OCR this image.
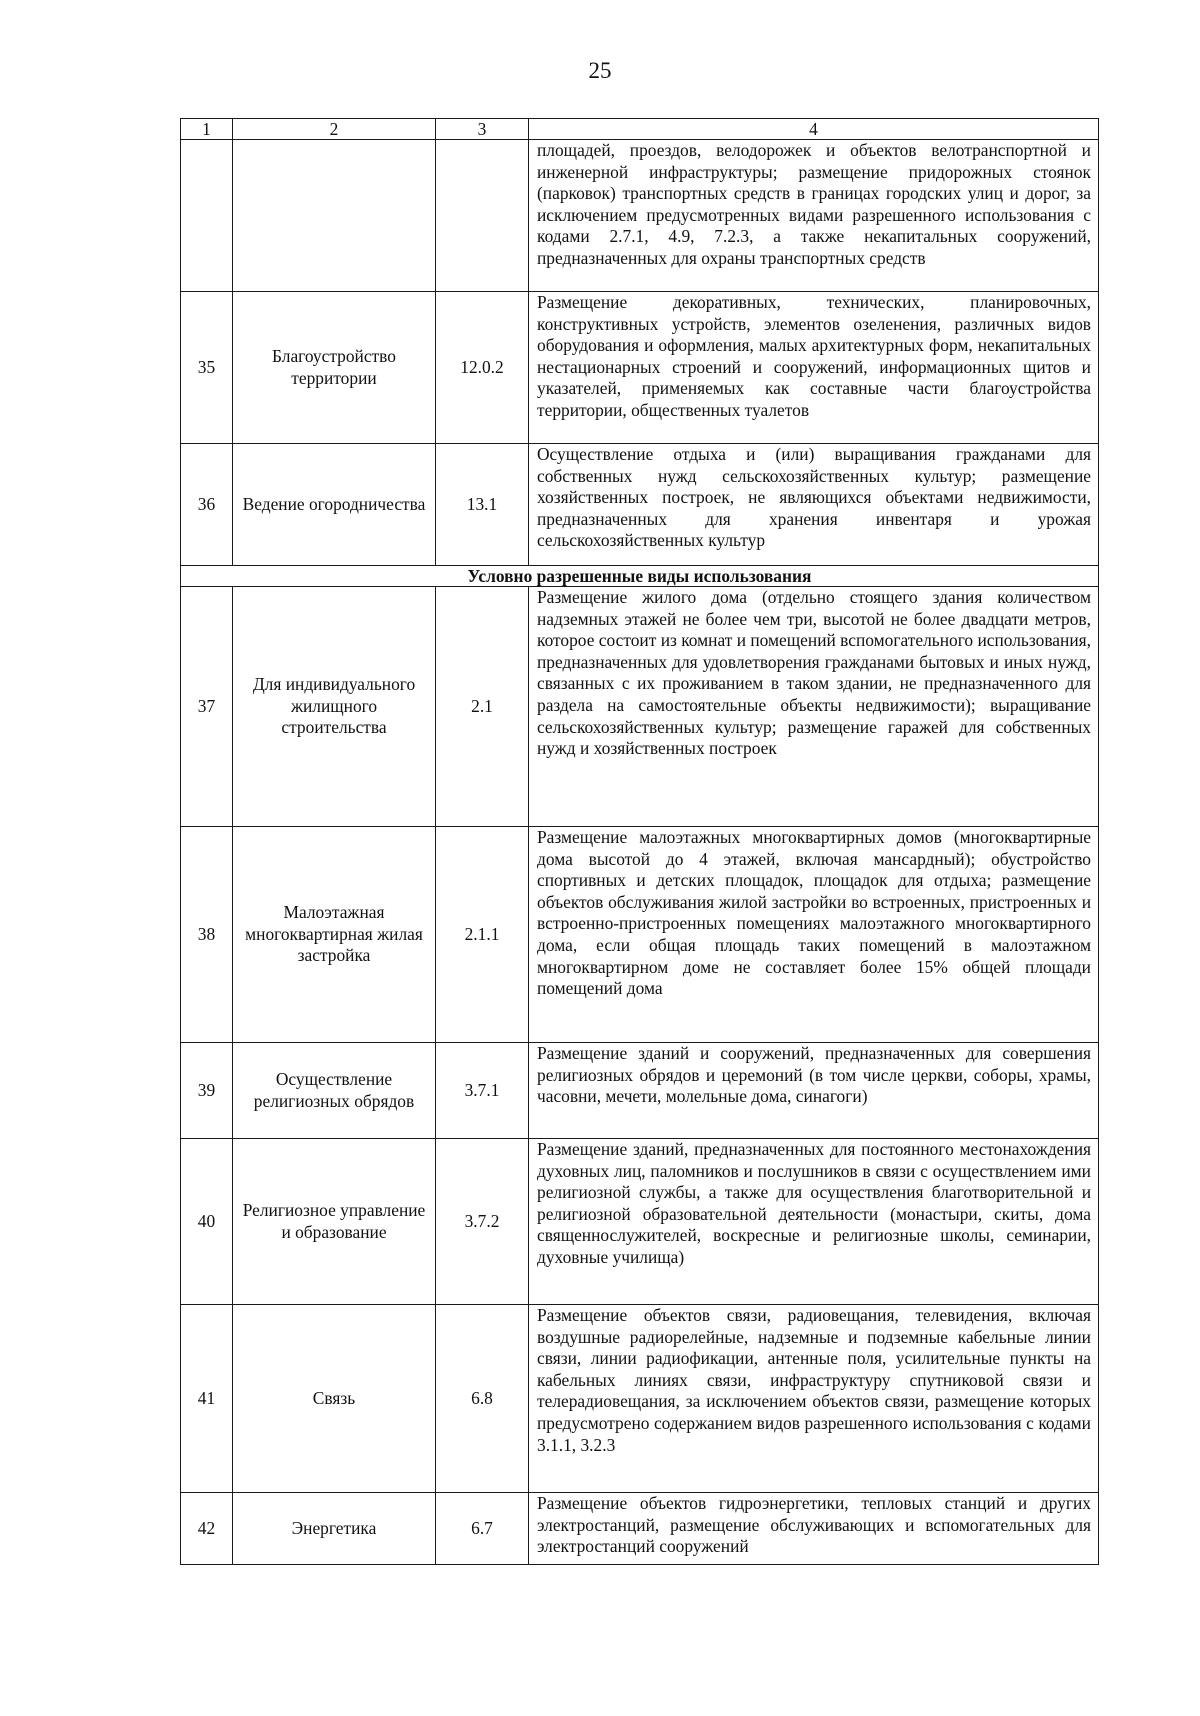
25
1	2	3	4
			площадей, проездов, велодорожек и объектов велотранспортной и инженерной инфраструктуры; размещение придорожных стоянок (парковок) транспортных средств в границах городских улиц и дорог, за исключением предусмотренных видами разрешенного использования с кодами 2.7.1, 4.9, 7.2.3, а также некапитальных сооружений, предназначенных для охраны транспортных средств
35	Благоустройство территории	12.0.2	Размещение декоративных, технических, планировочных, конструктивных устройств, элементов озеленения, различных видов оборудования и оформления, малых архитектурных форм, некапитальных нестационарных строений и сооружений, информационных щитов и указателей, применяемых как составные части благоустройства территории, общественных туалетов
36	Ведение огородничества	13.1	Осуществление отдыха и (или) выращивания гражданами для собственных нужд сельскохозяйственных культур; размещение хозяйственных построек, не являющихся объектами недвижимости, предназначенных для хранения инвентаря и урожая сельскохозяйственных культур
Условно разрешенные виды использования			
37	Для индивидуального жилищного строительства	2.1	Размещение жилого дома (отдельно стоящего здания количеством надземных этажей не более чем три, высотой не более двадцати метров, которое состоит из комнат и помещений вспомогательного использования, предназначенных для удовлетворения гражданами бытовых и иных нужд, связанных с их проживанием в таком здании, не предназначенного для раздела на самостоятельные объекты недвижимости); выращивание сельскохозяйственных культур; размещение гаражей для собственных нужд и хозяйственных построек
38	Малоэтажная многоквартирная жилая застройка	2.1.1	Размещение малоэтажных многоквартирных домов (многоквартирные дома высотой до 4 этажей, включая мансардный); обустройство спортивных и детских площадок, площадок для отдыха; размещение объектов обслуживания жилой застройки во встроенных, пристроенных и встроенно-пристроенных помещениях малоэтажного многоквартирного дома, если общая площадь таких помещений в малоэтажном многоквартирном доме не составляет более 15% общей площади помещений дома
39	Осуществление религиозных обрядов	3.7.1	Размещение зданий и сооружений, предназначенных для совершения религиозных обрядов и церемоний (в том числе церкви, соборы, храмы, часовни, мечети, молельные дома, синагоги)
40	Религиозное управление и образование	3.7.2	Размещение зданий, предназначенных для постоянного местонахождения духовных лиц, паломников и послушников в связи с осуществлением ими религиозной службы, а также для осуществления благотворительной и религиозной образовательной деятельности (монастыри, скиты, дома священнослужителей, воскресные и религиозные школы, семинарии, духовные училища)
41	Связь	6.8	Размещение объектов связи, радиовещания, телевидения, включая воздушные радиорелейные, надземные и подземные кабельные линии связи, линии радиофикации, антенные поля, усилительные пункты на кабельных линиях связи, инфраструктуру спутниковой связи и телерадиовещания, за исключением объектов связи, размещение которых предусмотрено содержанием видов разрешенного использования с кодами 3.1.1, 3.2.3
42	Энергетика	6.7	Размещение объектов гидроэнергетики, тепловых станций и других электростанций, размещение обслуживающих и вспомогательных для электростанций сооружений
